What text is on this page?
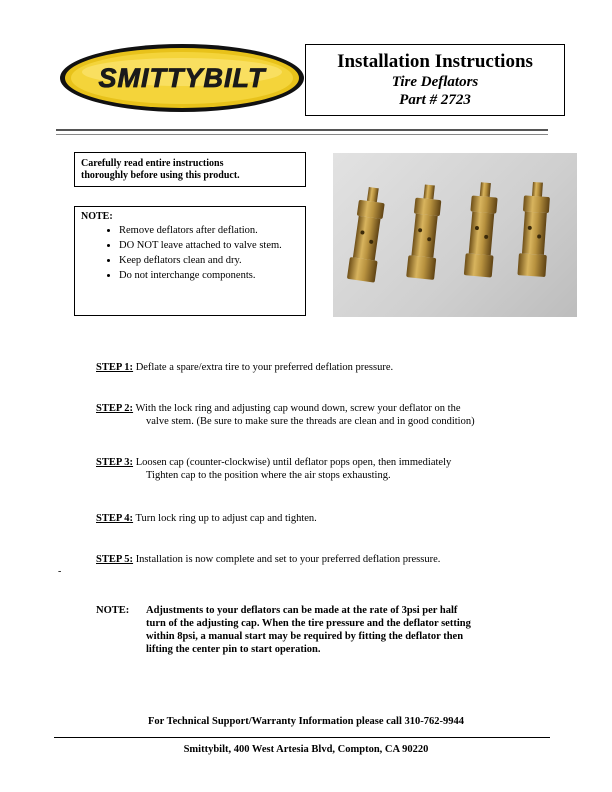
SMITTYBILT
Installation Instructions
Tire Deflators
Part # 2723
Carefully read entire instructions
thoroughly before using this product.
NOTE:
• Remove deflators after deflation.
• DO NOT leave attached to valve stem.
• Keep deflators clean and dry.
• Do not interchange components.
STEP 1: Deflate a spare/extra tire to your preferred deflation pressure.
STEP 2: With the lock ring and adjusting cap wound down, screw your deflator on the
valve stem. (Be sure to make sure the threads are clean and in good condition)
STEP 3: Loosen cap (counter-clockwise) until deflator pops open, then immediately
Tighten cap to the position where the air stops exhausting.
STEP 4: Turn lock ring up to adjust cap and tighten.
STEP 5: Installation is now complete and set to your preferred deflation pressure.
-
NOTE: Adjustments to your deflators can be made at the rate of 3psi per half
turn of the adjusting cap. When the tire pressure and the deflator setting
within 8psi, a manual start may be required by fitting the deflator then
lifting the center pin to start operation.
For Technical Support/Warranty Information please call 310-762-9944
Smittybilt, 400 West Artesia Blvd, Compton, CA 90220
